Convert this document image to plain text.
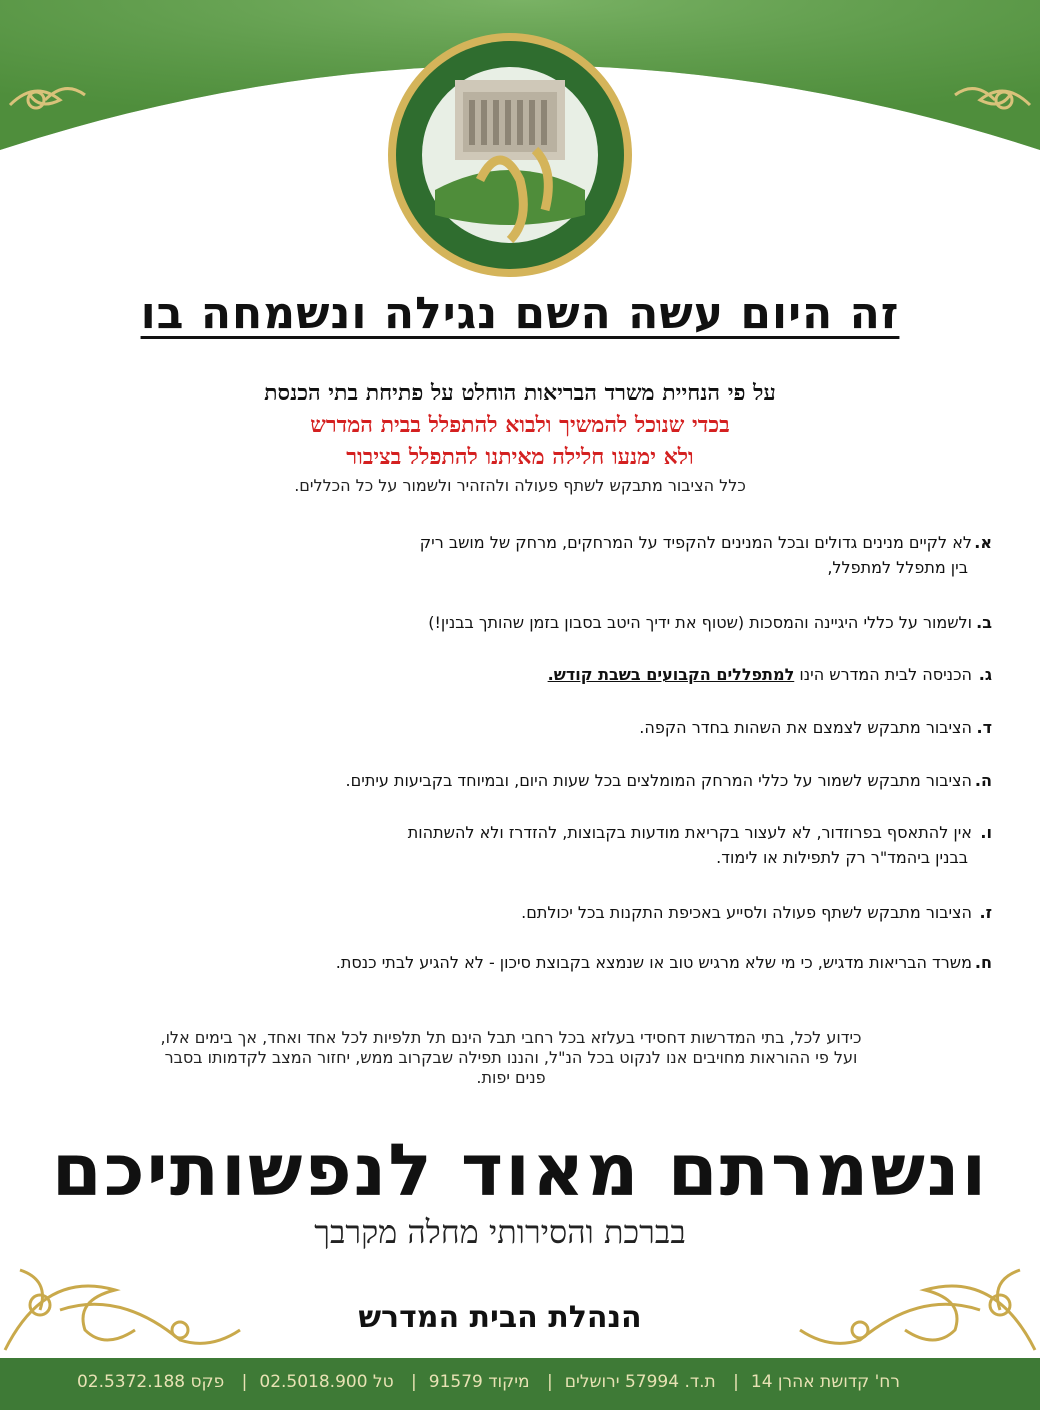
זה היום עשה השם נגילה ונשמחה בו
על פי הנחיית משרד הבריאות הוחלט על פתיחת בתי הכנסת
בכדי שנוכל להמשיך ולבוא להתפלל בבית המדרש
ולא ימנעו חלילה מאיתנו להתפלל בציבור
כלל הציבור מתבקש לשתף פעולה ולהזהיר ולשמור על כל הכללים.
א.לא לקיים מנינים גדולים ובכל המנינים להקפיד על המרחקים, מרחק של מושב ריק
בין מתפלל למתפלל,
ב.ולשמור על כללי היגיינה והמסכות (שטוף את ידיך היטב בסבון בזמן שהותך בבנין!)
ג.הכניסה לבית המדרש הינו למתפללים הקבועים בשבת קודש.
ד.הציבור מתבקש לצמצם את השהות בחדר הקפה.
ה.הציבור מתבקש לשמור על כללי המרחק המומלצים בכל שעות היום, ובמיוחד בקביעות עיתים.
ו.אין להתאסף בפרוזדור, לא לעצור בקריאת מודעות בקבוצות, להזדרז ולא להשתהות
בבנין ביהמד"ר רק לתפילות או לימוד.
ז.הציבור מתבקש לשתף פעולה ולסייע באכיפת התקנות בכל יכולתם.
ח.משרד הבריאות מדגיש, כי מי שלא מרגיש טוב או שנמצא בקבוצת סיכון - לא להגיע לבתי כנסת.
כידוע לכל, בתי המדרשות דחסידי בעלזא בכל רחבי תבל הינם תל תלפיות לכל אחד ואחד, אך בימים אלו,
ועל פי ההוראות מחויבים אנו לנקוט בכל הנ"ל, והננו תפילה שבקרוב ממש, יחזור המצב לקדמותו בסבר
פנים יפות.
ונשמרתם מאוד לנפשותיכם
בברכת והסירותי מחלה מקרבך
הנהלת הבית המדרש
רח' קדושת אהרן 14| ת.ד. 57994 ירושלים| מיקוד 91579| טל 02.5018.900| פקס 02.5372.188
